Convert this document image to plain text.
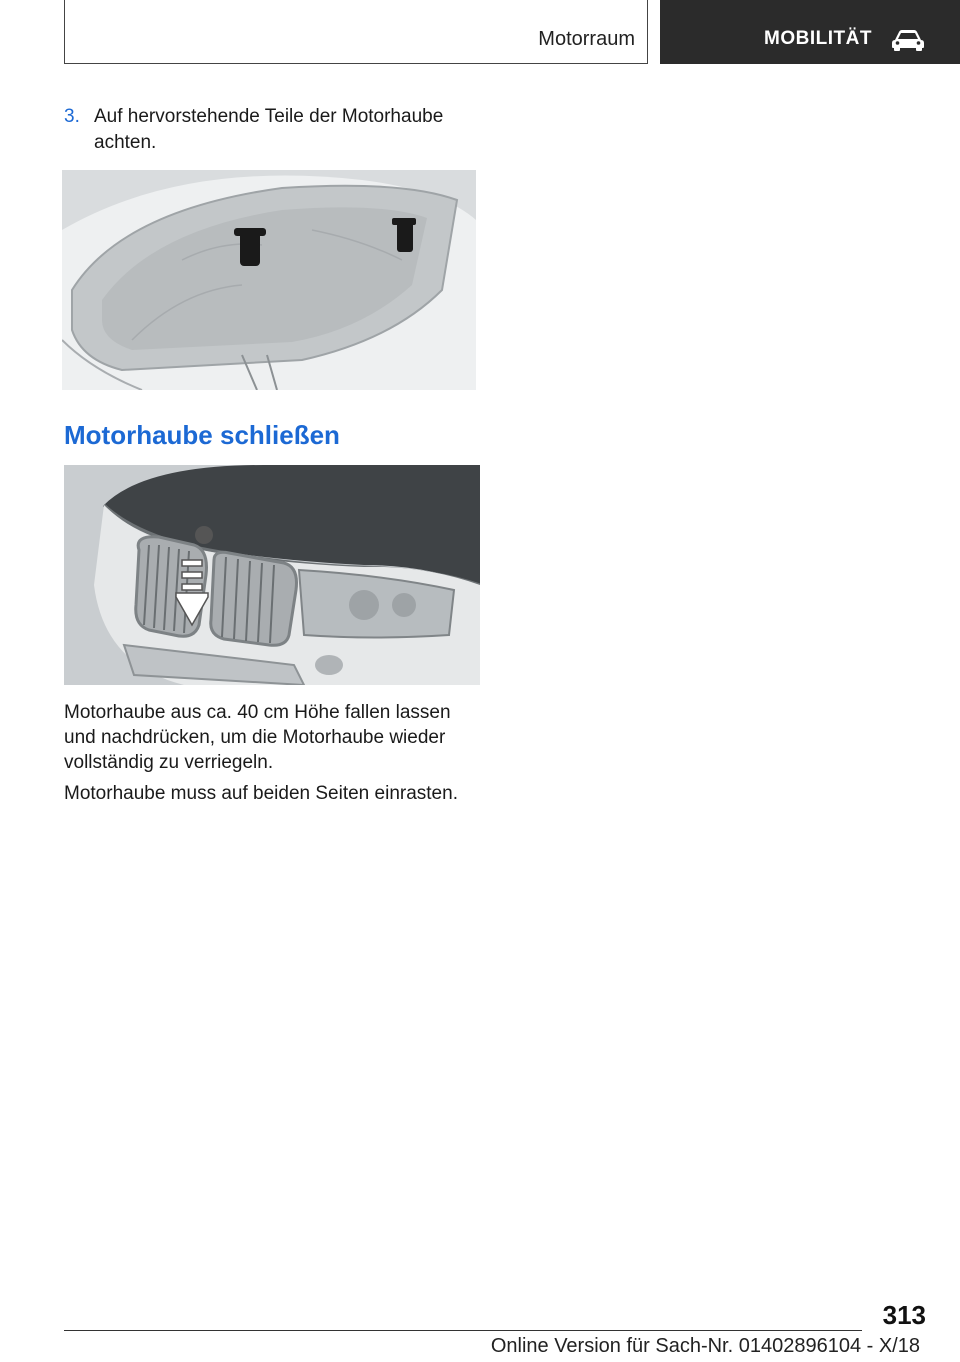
Motorraum	MOBILITÄT
3. Auf hervorstehende Teile der Motorhaube achten.
Motorhaube schließen

Motorhaube aus ca. 40 cm Höhe fallen lassen und nachdrücken, um die Motorhaube wieder vollständig zu verriegeln.

Motorhaube muss auf beiden Seiten einrasten.

313
Online Version für Sach-Nr. 01402896104 - X/18
